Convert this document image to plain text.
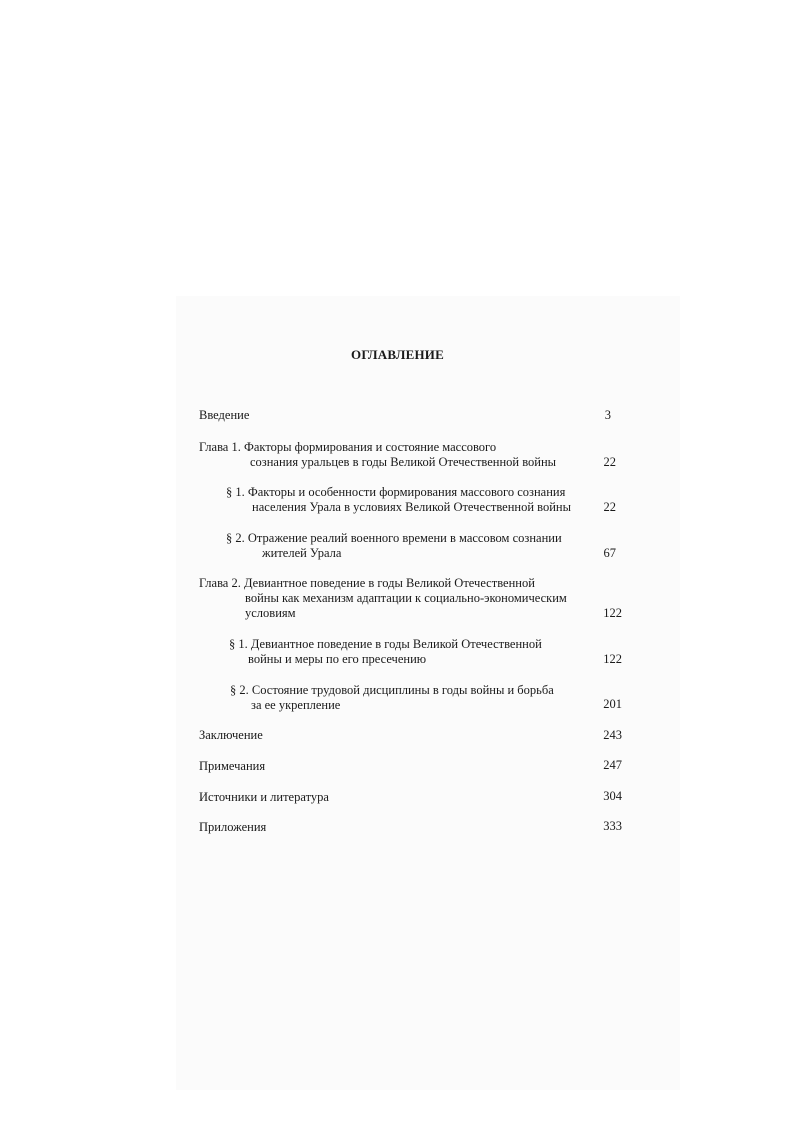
ОГЛАВЛЕНИЕ
Введение	3
Глава 1. Факторы формирования и состояние массового
сознания уральцев в годы Великой Отечественной войны	22
§ 1. Факторы и особенности формирования массового сознания
населения Урала в условиях Великой Отечественной войны	22
§ 2. Отражение реалий военного времени в массовом сознании
жителей Урала	67
Глава 2. Девиантное поведение в годы Великой Отечественной
войны как механизм адаптации к социально-экономическим
условиям	122
§ 1. Девиантное поведение в годы Великой Отечественной
войны и меры по его пресечению	122
§ 2. Состояние трудовой дисциплины в годы войны и борьба
за ее укрепление	201
Заключение	243
Примечания	247
Источники и литература	304
Приложения	333
